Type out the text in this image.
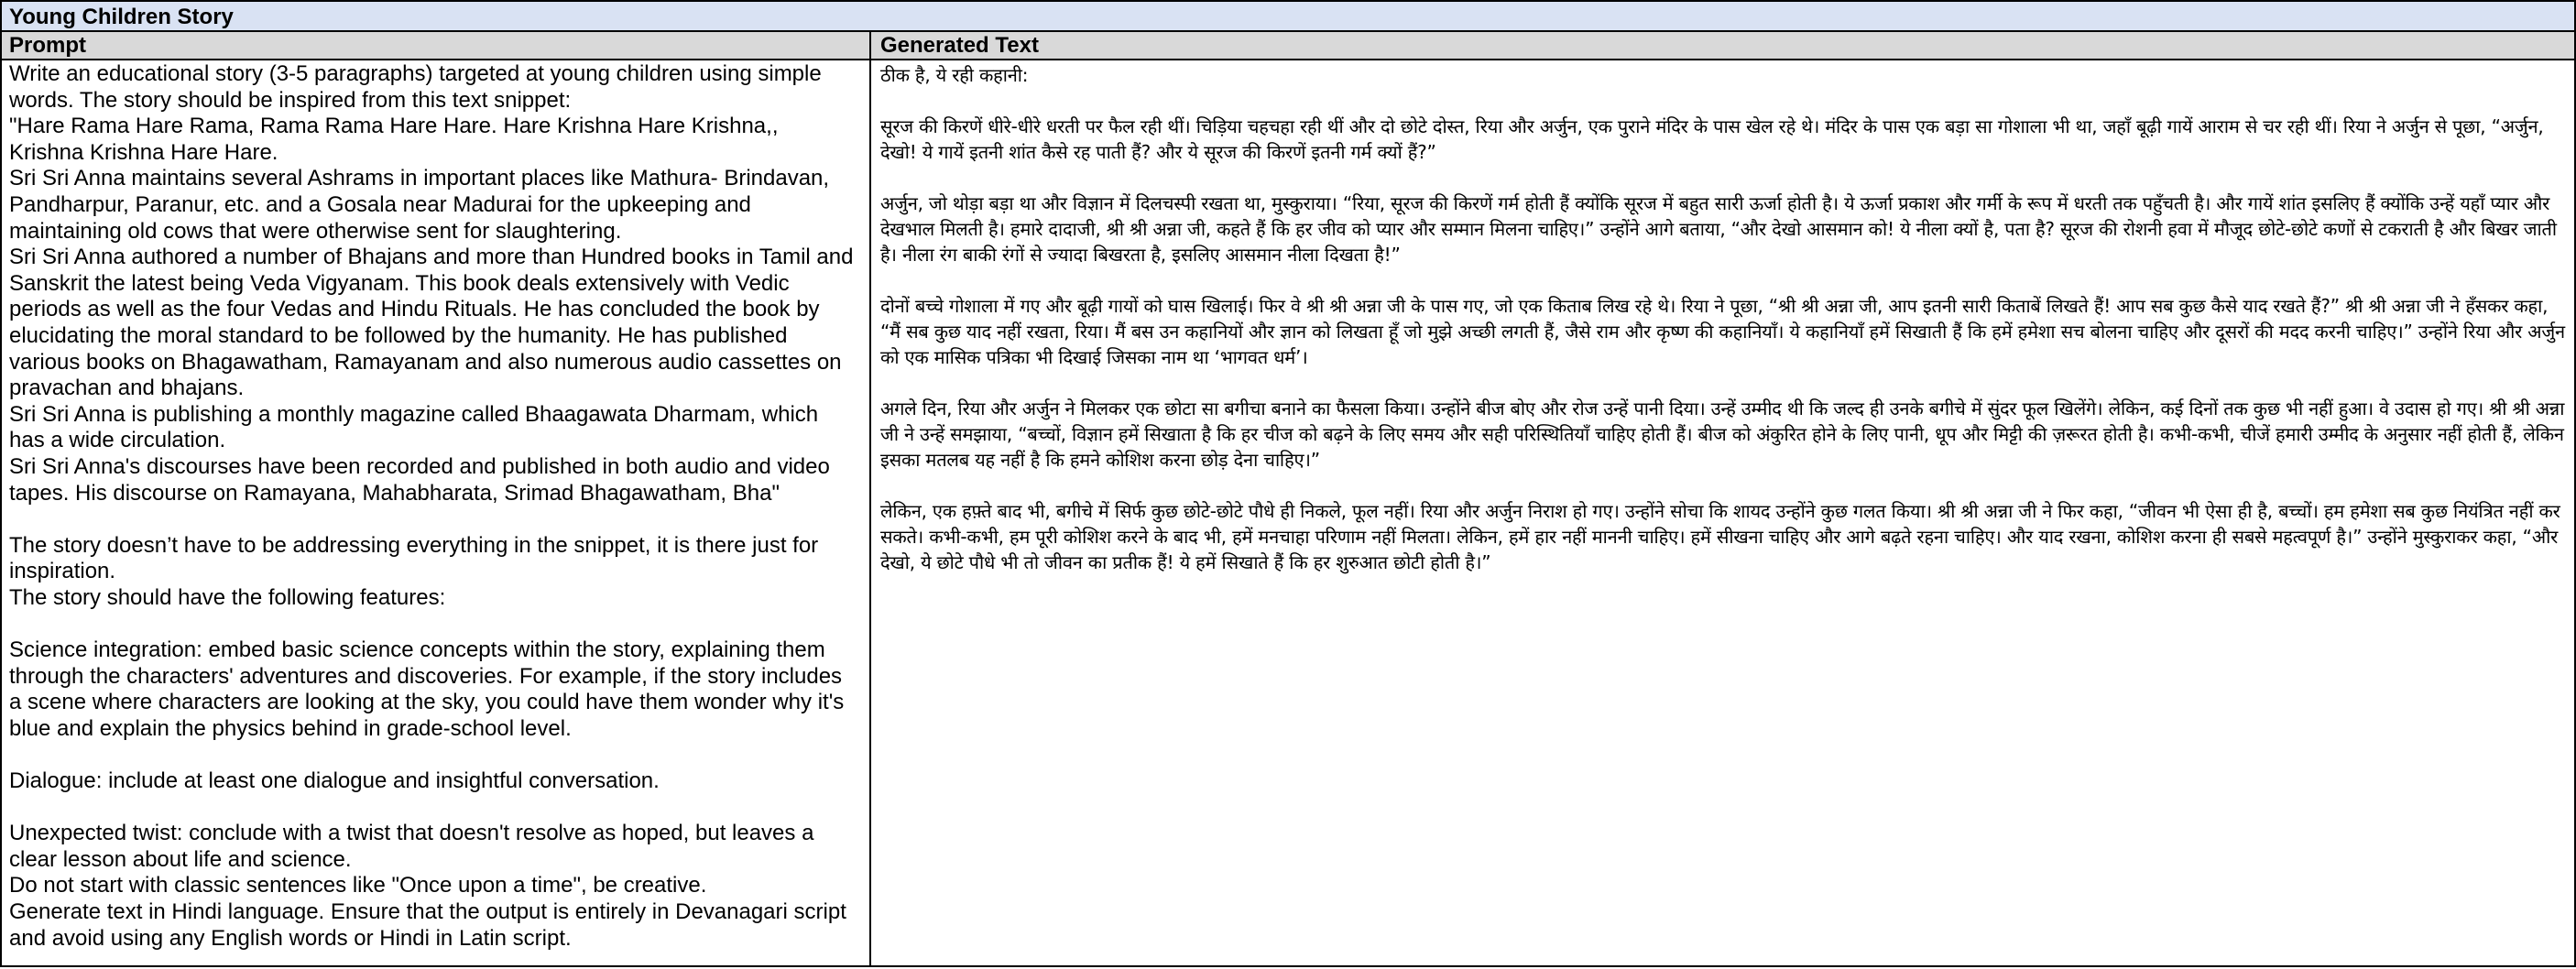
Young Children Story
Prompt	Generated Text
Write an educational story (3-5 paragraphs) targeted at young children using simple words. The story should be inspired from this text snippet:
"Hare Rama Hare Rama, Rama Rama Hare Hare. Hare Krishna Hare Krishna,, Krishna Krishna Hare Hare.
Sri Sri Anna maintains several Ashrams in important places like Mathura- Brindavan, Pandharpur, Paranur, etc. and a Gosala near Madurai for the upkeeping and maintaining old cows that were otherwise sent for slaughtering.
Sri Sri Anna authored a number of Bhajans and more than Hundred books in Tamil and Sanskrit the latest being Veda Vigyanam. This book deals extensively with Vedic periods as well as the four Vedas and Hindu Rituals. He has concluded the book by elucidating the moral standard to be followed by the humanity. He has published various books on Bhagawatham, Ramayanam and also numerous audio cassettes on pravachan and bhajans.
Sri Sri Anna is publishing a monthly magazine called Bhaagawata Dharmam, which has a wide circulation.
Sri Sri Anna's discourses have been recorded and published in both audio and video tapes. His discourse on Ramayana, Mahabharata, Srimad Bhagawatham, Bha"

The story doesn’t have to be addressing everything in the snippet, it is there just for inspiration.
The story should have the following features:

Science integration: embed basic science concepts within the story, explaining them through the characters' adventures and discoveries. For example, if the story includes a scene where characters are looking at the sky, you could have them wonder why it's blue and explain the physics behind in grade-school level.

Dialogue: include at least one dialogue and insightful conversation.

Unexpected twist: conclude with a twist that doesn't resolve as hoped, but leaves a clear lesson about life and science.
Do not start with classic sentences like "Once upon a time", be creative.
Generate text in Hindi language. Ensure that the output is entirely in Devanagari script and avoid using any English words or Hindi in Latin script.
ठीक है, ये रही कहानी:

सूरज की किरणें धीरे-धीरे धरती पर फैल रही थीं। चिड़िया चहचहा रही थीं और दो छोटे दोस्त, रिया और अर्जुन, एक पुराने मंदिर के पास खेल रहे थे। मंदिर के पास एक बड़ा सा गोशाला भी था, जहाँ बूढ़ी गायें आराम से चर रही थीं। रिया ने अर्जुन से पूछा, “अर्जुन, देखो! ये गायें इतनी शांत कैसे रह पाती हैं? और ये सूरज की किरणें इतनी गर्म क्यों हैं?”

अर्जुन, जो थोड़ा बड़ा था और विज्ञान में दिलचस्पी रखता था, मुस्कुराया। “रिया, सूरज की किरणें गर्म होती हैं क्योंकि सूरज में बहुत सारी ऊर्जा होती है। ये ऊर्जा प्रकाश और गर्मी के रूप में धरती तक पहुँचती है। और गायें शांत इसलिए हैं क्योंकि उन्हें यहाँ प्यार और देखभाल मिलती है। हमारे दादाजी, श्री श्री अन्ना जी, कहते हैं कि हर जीव को प्यार और सम्मान मिलना चाहिए।” उन्होंने आगे बताया, “और देखो आसमान को! ये नीला क्यों है, पता है? सूरज की रोशनी हवा में मौजूद छोटे-छोटे कणों से टकराती है और बिखर जाती है। नीला रंग बाकी रंगों से ज्यादा बिखरता है, इसलिए आसमान नीला दिखता है!”

दोनों बच्चे गोशाला में गए और बूढ़ी गायों को घास खिलाई। फिर वे श्री श्री अन्ना जी के पास गए, जो एक किताब लिख रहे थे। रिया ने पूछा, “श्री श्री अन्ना जी, आप इतनी सारी किताबें लिखते हैं! आप सब कुछ कैसे याद रखते हैं?” श्री श्री अन्ना जी ने हँसकर कहा, “मैं सब कुछ याद नहीं रखता, रिया। मैं बस उन कहानियों और ज्ञान को लिखता हूँ जो मुझे अच्छी लगती हैं, जैसे राम और कृष्ण की कहानियाँ। ये कहानियाँ हमें सिखाती हैं कि हमें हमेशा सच बोलना चाहिए और दूसरों की मदद करनी चाहिए।” उन्होंने रिया और अर्जुन को एक मासिक पत्रिका भी दिखाई जिसका नाम था ‘भागवत धर्म’।

अगले दिन, रिया और अर्जुन ने मिलकर एक छोटा सा बगीचा बनाने का फैसला किया। उन्होंने बीज बोए और रोज उन्हें पानी दिया। उन्हें उम्मीद थी कि जल्द ही उनके बगीचे में सुंदर फूल खिलेंगे। लेकिन, कई दिनों तक कुछ भी नहीं हुआ। वे उदास हो गए। श्री श्री अन्ना जी ने उन्हें समझाया, “बच्चों, विज्ञान हमें सिखाता है कि हर चीज को बढ़ने के लिए समय और सही परिस्थितियाँ चाहिए होती हैं। बीज को अंकुरित होने के लिए पानी, धूप और मिट्टी की ज़रूरत होती है। कभी-कभी, चीजें हमारी उम्मीद के अनुसार नहीं होती हैं, लेकिन इसका मतलब यह नहीं है कि हमने कोशिश करना छोड़ देना चाहिए।”

लेकिन, एक हफ़्ते बाद भी, बगीचे में सिर्फ कुछ छोटे-छोटे पौधे ही निकले, फूल नहीं। रिया और अर्जुन निराश हो गए। उन्होंने सोचा कि शायद उन्होंने कुछ गलत किया। श्री श्री अन्ना जी ने फिर कहा, “जीवन भी ऐसा ही है, बच्चों। हम हमेशा सब कुछ नियंत्रित नहीं कर सकते। कभी-कभी, हम पूरी कोशिश करने के बाद भी, हमें मनचाहा परिणाम नहीं मिलता। लेकिन, हमें हार नहीं माननी चाहिए। हमें सीखना चाहिए और आगे बढ़ते रहना चाहिए। और याद रखना, कोशिश करना ही सबसे महत्वपूर्ण है।” उन्होंने मुस्कुराकर कहा, “और देखो, ये छोटे पौधे भी तो जीवन का प्रतीक हैं! ये हमें सिखाते हैं कि हर शुरुआत छोटी होती है।”
